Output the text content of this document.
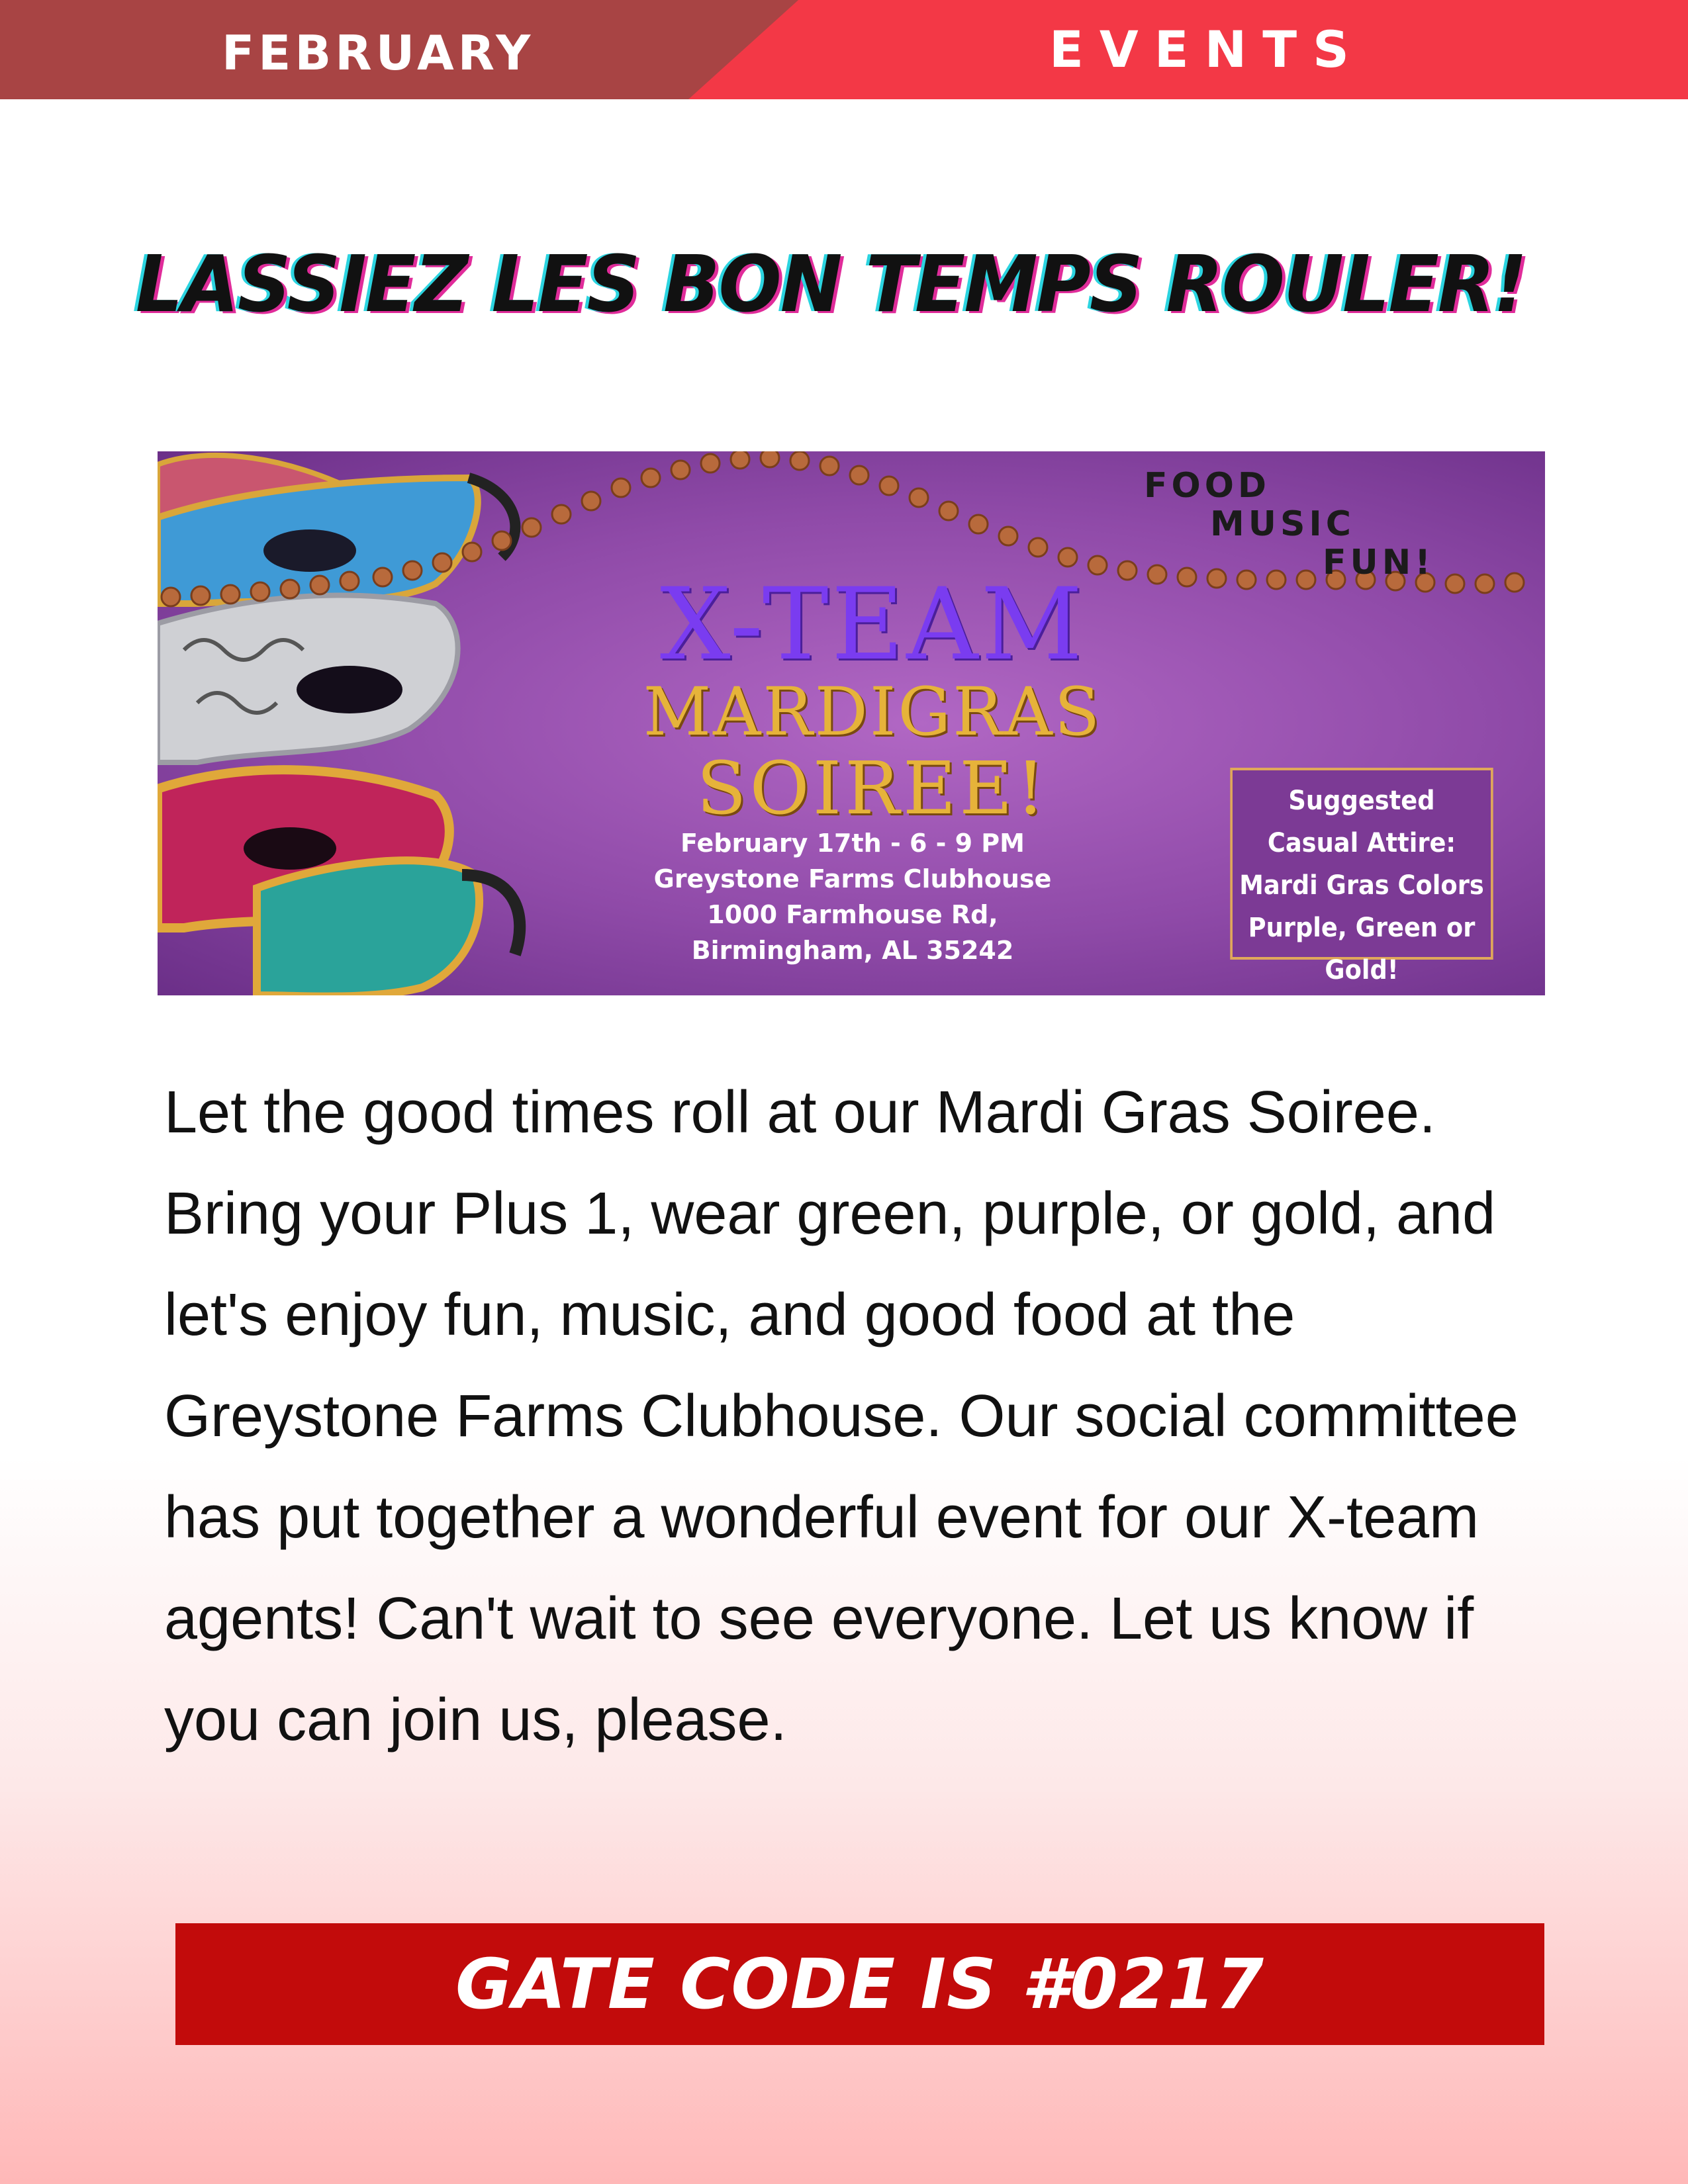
FEBRUARY	EVENTS
LASSIEZ LES BON TEMPS ROULER!
FOOD
MUSIC
FUN!
X-TEAM
MARDIGRAS
SOIREE!
February 17th - 6 - 9 PM
Greystone Farms Clubhouse
1000 Farmhouse Rd,
Birmingham, AL 35242
Suggested
Casual Attire:
Mardi Gras Colors
Purple, Green or Gold!
Let the good times roll at our Mardi Gras Soiree. Bring your Plus 1, wear green, purple, or gold, and let's enjoy fun, music, and good food at the Greystone Farms Clubhouse. Our social committee has put together a wonderful event for our X-team agents! Can't wait to see everyone. Let us know if you can join us, please.
GATE CODE IS #0217
